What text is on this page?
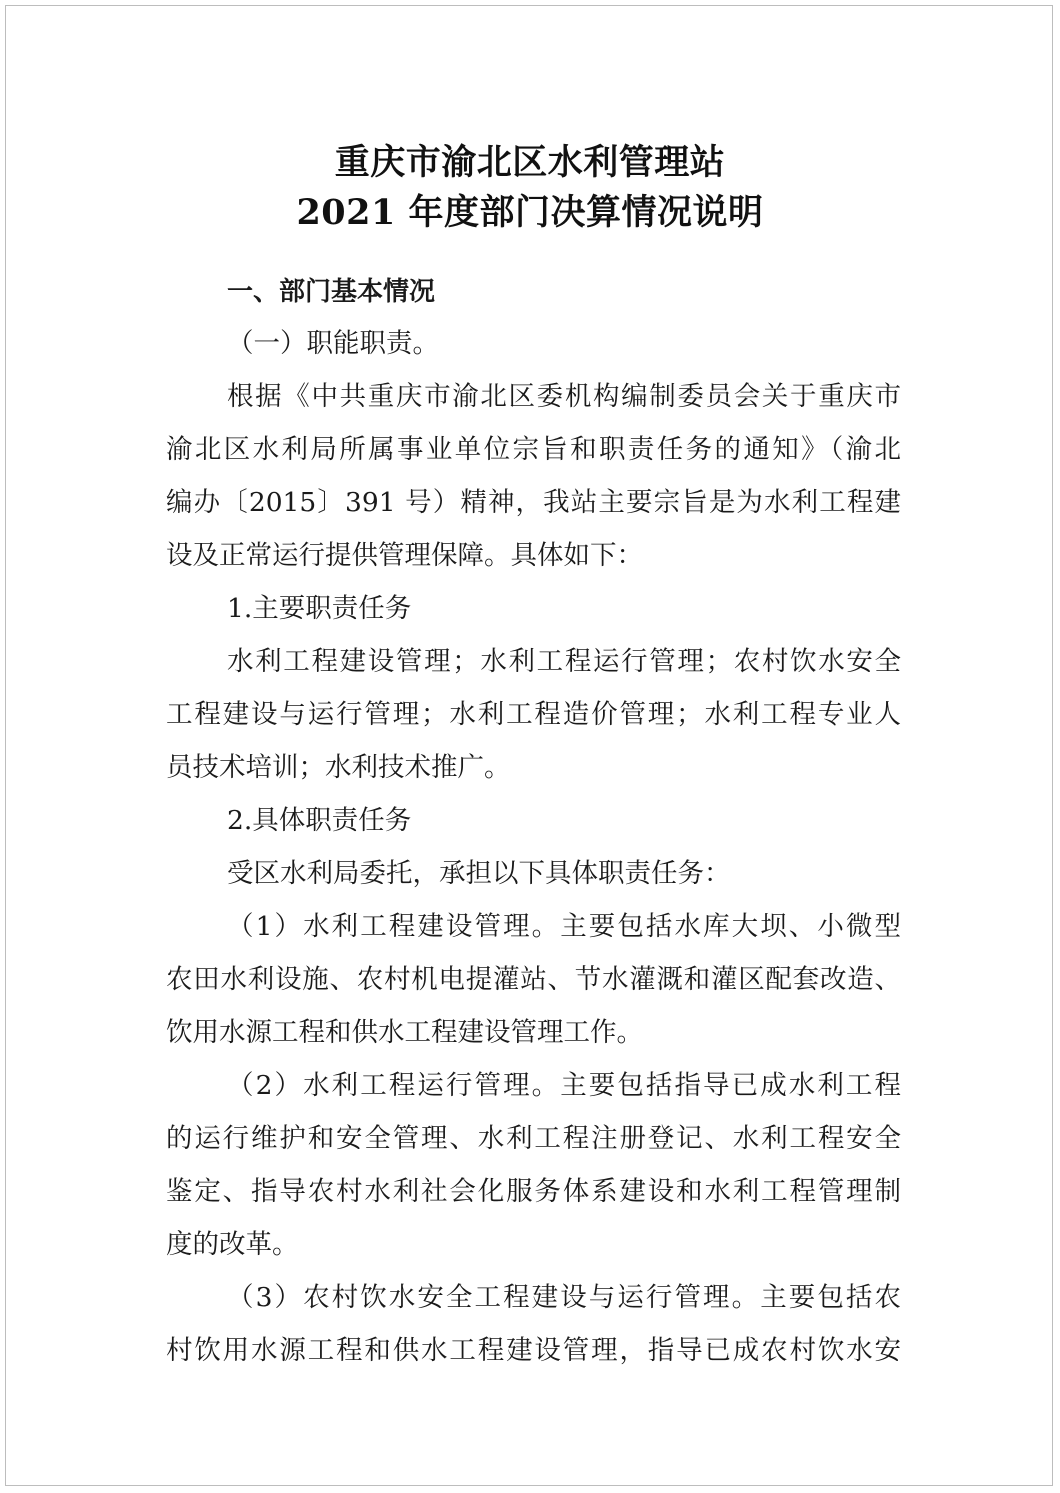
重庆市渝北区水利管理站
2021 年度部门决算情况说明
一、部门基本情况
（一）职能职责。
根据《中共重庆市渝北区委机构编制委员会关于重庆市
渝北区水利局所属事业单位宗旨和职责任务的通知》（渝北
编办〔2015〕391 号）精神，我站主要宗旨是为水利工程建
设及正常运行提供管理保障。具体如下：
1.主要职责任务
水利工程建设管理；水利工程运行管理；农村饮水安全
工程建设与运行管理；水利工程造价管理；水利工程专业人
员技术培训；水利技术推广。
2.具体职责任务
受区水利局委托，承担以下具体职责任务：
（1）水利工程建设管理。主要包括水库大坝、小微型
农田水利设施、农村机电提灌站、节水灌溉和灌区配套改造、
饮用水源工程和供水工程建设管理工作。
（2）水利工程运行管理。主要包括指导已成水利工程
的运行维护和安全管理、水利工程注册登记、水利工程安全
鉴定、指导农村水利社会化服务体系建设和水利工程管理制
度的改革。
（3）农村饮水安全工程建设与运行管理。主要包括农
村饮用水源工程和供水工程建设管理，指导已成农村饮水安
